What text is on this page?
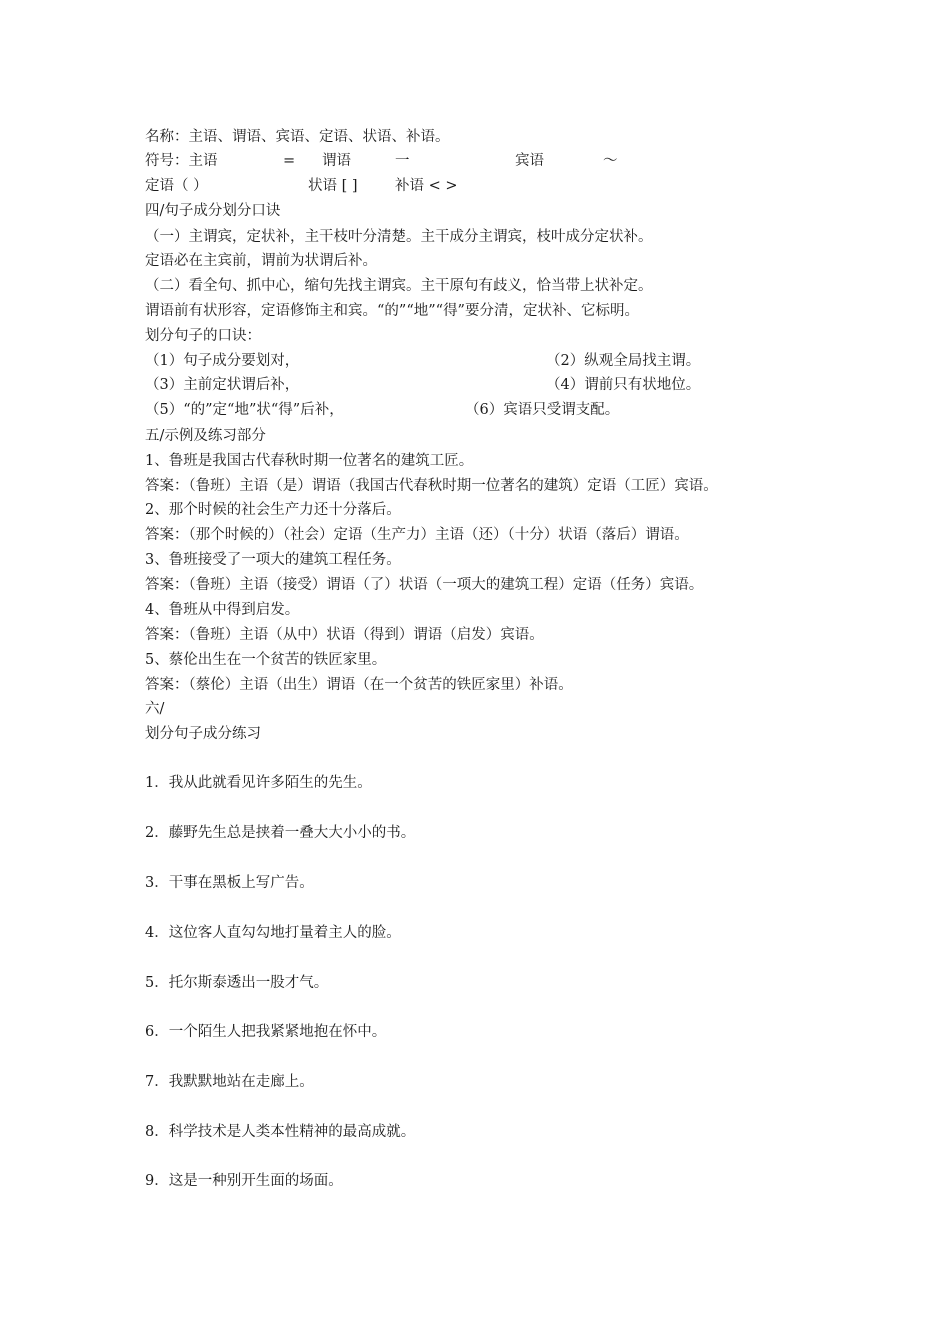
名称：主语、谓语、宾语、定语、状语、补语。
符号：主语	= 谓语	一	宾语	～
定语（ ）	状语 [ ]	补语 < >
四/句子成分划分口诀
（一）主谓宾，定状补，主干枝叶分清楚。主干成分主谓宾，枝叶成分定状补。
定语必在主宾前，谓前为状谓后补。
（二）看全句、抓中心，缩句先找主谓宾。主干原句有歧义，恰当带上状补定。
谓语前有状形容，定语修饰主和宾。“的”“地”“得”要分清，定状补、它标明。
划分句子的口诀：
（1）句子成分要划对，	（2）纵观全局找主谓。
（3）主前定状谓后补，	（4）谓前只有状地位。
（5）“的”定“地”状“得”后补，	（6）宾语只受谓支配。
五/示例及练习部分
1、鲁班是我国古代春秋时期一位著名的建筑工匠。
答案：（鲁班）主语（是）谓语（我国古代春秋时期一位著名的建筑）定语（工匠）宾语。
2、那个时候的社会生产力还十分落后。
答案：（那个时候的）（社会）定语（生产力）主语（还）（十分）状语（落后）谓语。
3、鲁班接受了一项大的建筑工程任务。
答案：（鲁班）主语（接受）谓语（了）状语（一项大的建筑工程）定语（任务）宾语。
4、鲁班从中得到启发。
答案：（鲁班）主语（从中）状语（得到）谓语（启发）宾语。
5、蔡伦出生在一个贫苦的铁匠家里。
答案：（蔡伦）主语（出生）谓语（在一个贫苦的铁匠家里）补语。
六/
划分句子成分练习
1．我从此就看见许多陌生的先生。
2．藤野先生总是挟着一叠大大小小的书。
3．干事在黑板上写广告。
4．这位客人直勾勾地打量着主人的脸。
5．托尔斯泰透出一股才气。
6．一个陌生人把我紧紧地抱在怀中。
7．我默默地站在走廊上。
8．科学技术是人类本性精神的最高成就。
9．这是一种别开生面的场面。
